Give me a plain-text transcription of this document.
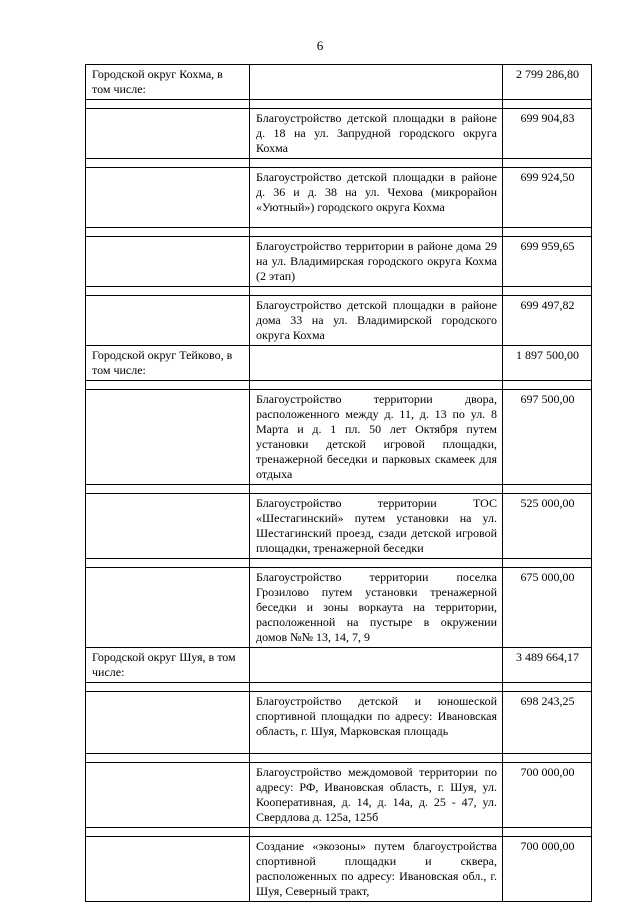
6
Городской округ Кохма, в том числе:		2 799 286,80

	Благоустройство детской площадки в районе д. 18 на ул. Запрудной городского округа Кохма	699 904,83

	Благоустройство детской площадки в районе д. 36 и д. 38 на ул. Чехова (микрорайон «Уютный») городского округа Кохма	699 924,50

	Благоустройство территории в районе дома 29 на ул. Владимирская городского округа Кохма (2 этап)	699 959,65

	Благоустройство детской площадки в районе дома 33 на ул. Владимирской городского округа Кохма	699 497,82
Городской округ Тейково, в том числе:		1 897 500,00

	Благоустройство территории двора, расположенного между д. 11, д. 13 по ул. 8 Марта и д. 1 пл. 50 лет Октября путем установки детской игровой площадки, тренажерной беседки и парковых скамеек для отдыха	697 500,00

	Благоустройство территории ТОС «Шестагинский» путем установки на ул. Шестагинский проезд, сзади детской игровой площадки, тренажерной беседки	525 000,00

	Благоустройство территории поселка Грозилово путем установки тренажерной беседки и зоны воркаута на территории, расположенной на пустыре в окружении домов №№ 13, 14, 7, 9	675 000,00
Городской округ Шуя, в том числе:		3 489 664,17

	Благоустройство детской и юношеской спортивной площадки по адресу: Ивановская область, г. Шуя, Марковская площадь	698 243,25

	Благоустройство междомовой территории по адресу: РФ, Ивановская область, г. Шуя, ул. Кооперативная, д. 14, д. 14а, д. 25 - 47, ул. Свердлова д. 125а, 125б	700 000,00

	Создание «экозоны» путем благоустройства спортивной площадки и сквера, расположенных по адресу: Ивановская обл., г. Шуя, Северный тракт,	700 000,00
